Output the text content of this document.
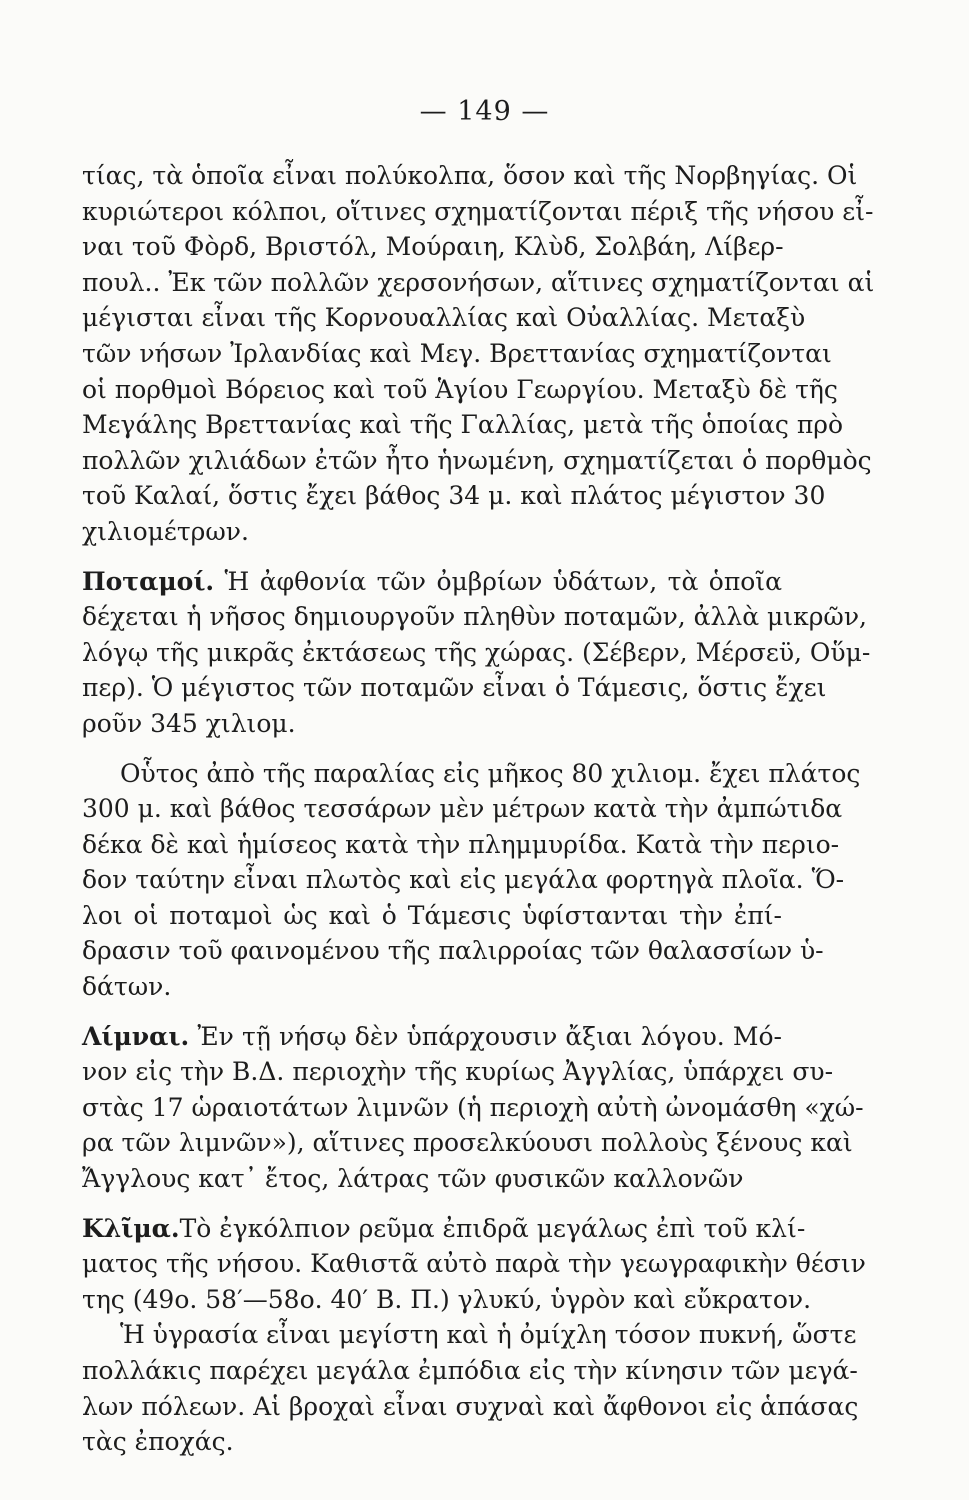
— 149 —
τίας, τὰ ὁποῖα εἶναι πολύκολπα, ὅσον καὶ τῆς Νορβηγίας. Οἱ
κυριώτεροι κόλποι, οἵτινες σχηματίζονται πέριξ τῆς νήσου εἶ-
ναι τοῦ Φὸρδ, Βριστόλ, Μούραιη, Κλὺδ, Σολβάη, Λίβερ-
πουλ.. Ἐκ τῶν πολλῶν χερσονήσων, αἵτινες σχηματίζονται αἱ
μέγισται εἶναι τῆς Κορνουαλλίας καὶ Οὐαλλίας. Μεταξὺ
τῶν νήσων Ἰρλανδίας καὶ Μεγ. Βρεττανίας σχηματίζονται
οἱ πορθμοὶ Βόρειος καὶ τοῦ Ἁγίου Γεωργίου. Μεταξὺ δὲ τῆς
Μεγάλης Βρεττανίας καὶ τῆς Γαλλίας, μετὰ τῆς ὁποίας πρὸ
πολλῶν χιλιάδων ἐτῶν ἦτο ἡνωμένη, σχηματίζεται ὁ πορθμὸς
τοῦ Καλαί, ὅστις ἔχει βάθος 34 μ. καὶ πλάτος μέγιστον 30
χιλιομέτρων.
Ποταμοί. Ἡ ἀφθονία τῶν ὀμβρίων ὑδάτων, τὰ ὁποῖα
δέχεται ἡ νῆσος δημιουργοῦν πληθὺν ποταμῶν, ἀλλὰ μικρῶν,
λόγῳ τῆς μικρᾶς ἐκτάσεως τῆς χώρας. (Σέβερν, Μέρσεϋ, Οὕμ-
περ). Ὁ μέγιστος τῶν ποταμῶν εἶναι ὁ Τάμεσις, ὅστις ἔχει
ροῦν 345 χιλιομ.
Οὗτος ἀπὸ τῆς παραλίας εἰς μῆκος 80 χιλιομ. ἔχει πλάτος
300 μ. καὶ βάθος τεσσάρων μὲν μέτρων κατὰ τὴν ἀμπώτιδα
δέκα δὲ καὶ ἡμίσεος κατὰ τὴν πλημμυρίδα. Κατὰ τὴν περιο-
δον ταύτην εἶναι πλωτὸς καὶ εἰς μεγάλα φορτηγὰ πλοῖα. Ὅ-
λοι οἱ ποταμοὶ ὡς καὶ ὁ Τάμεσις ὑφίστανται τὴν ἐπί-
δρασιν τοῦ φαινομένου τῆς παλιρροίας τῶν θαλασσίων ὑ-
δάτων.
Λίμναι. Ἐν τῇ νήσῳ δὲν ὑπάρχουσιν ἄξιαι λόγου. Μό-
νον εἰς τὴν Β.Δ. περιοχὴν τῆς κυρίως Ἀγγλίας, ὑπάρχει συ-
στὰς 17 ὡραιοτάτων λιμνῶν (ἡ περιοχὴ αὐτὴ ὠνομάσθη «χώ-
ρα τῶν λιμνῶν»), αἵτινες προσελκύουσι πολλοὺς ξένους καὶ
Ἄγγλους κατ᾿ ἔτος, λάτρας τῶν φυσικῶν καλλονῶν
Κλῖμα.Τὸ ἐγκόλπιον ρεῦμα ἐπιδρᾶ μεγάλως ἐπὶ τοῦ κλί-
ματος τῆς νήσου. Καθιστᾶ αὐτὸ παρὰ τὴν γεωγραφικὴν θέσιν
της (49ο. 58′—58ο. 40′ Β. Π.) γλυκύ, ὑγρὸν καὶ εὔκρατον.
Ἡ ὑγρασία εἶναι μεγίστη καὶ ἡ ὀμίχλη τόσον πυκνή, ὥστε
πολλάκις παρέχει μεγάλα ἐμπόδια εἰς τὴν κίνησιν τῶν μεγά-
λων πόλεων. Αἱ βροχαὶ εἶναι συχναὶ καὶ ἄφθονοι εἰς ἁπάσας
τὰς ἐποχάς.
